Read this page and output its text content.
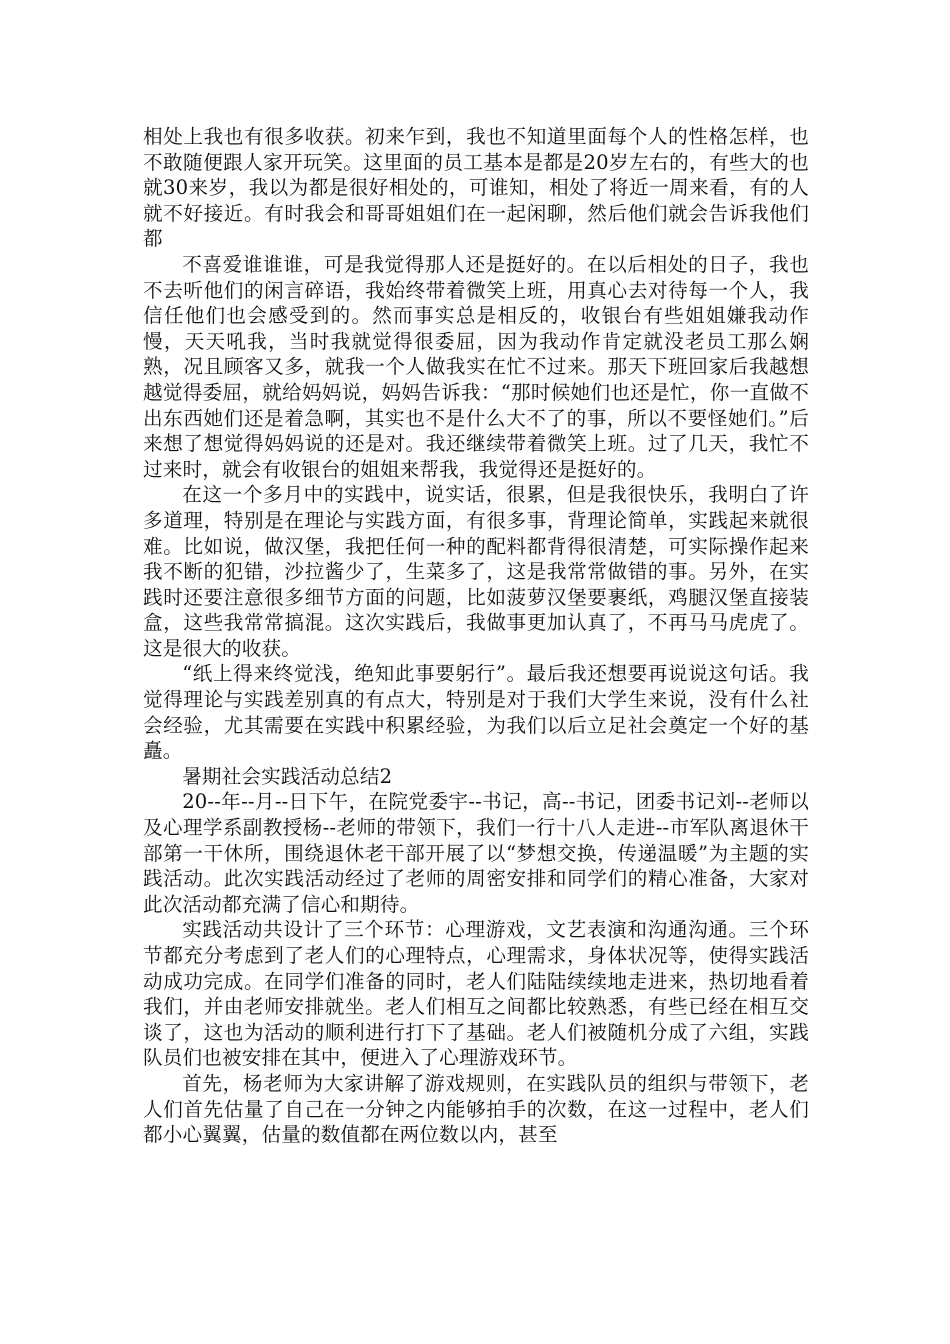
相处上我也有很多收获。初来乍到，我也不知道里面每个人的性格怎样，也不敢随便跟人家开玩笑。这里面的员工基本是都是20岁左右的，有些大的也就30来岁，我以为都是很好相处的，可谁知，相处了将近一周来看，有的人就不好接近。有时我会和哥哥姐姐们在一起闲聊，然后他们就会告诉我他们都

不喜爱谁谁谁，可是我觉得那人还是挺好的。在以后相处的日子，我也不去听他们的闲言碎语，我始终带着微笑上班，用真心去对待每一个人，我信任他们也会感受到的。然而事实总是相反的，收银台有些姐姐嫌我动作慢，天天吼我，当时我就觉得很委屈，因为我动作肯定就没老员工那么娴熟，况且顾客又多，就我一个人做我实在忙不过来。那天下班回家后我越想越觉得委屈，就给妈妈说，妈妈告诉我：“那时候她们也还是忙，你一直做不出东西她们还是着急啊，其实也不是什么大不了的事，所以不要怪她们。”后来想了想觉得妈妈说的还是对。我还继续带着微笑上班。过了几天，我忙不过来时，就会有收银台的姐姐来帮我，我觉得还是挺好的。

在这一个多月中的实践中，说实话，很累，但是我很快乐，我明白了许多道理，特别是在理论与实践方面，有很多事，背理论简单，实践起来就很难。比如说，做汉堡，我把任何一种的配料都背得很清楚，可实际操作起来我不断的犯错，沙拉酱少了，生菜多了，这是我常常做错的事。另外，在实践时还要注意很多细节方面的问题，比如菠萝汉堡要裹纸，鸡腿汉堡直接装盒，这些我常常搞混。这次实践后，我做事更加认真了，不再马马虎虎了。这是很大的收获。

“纸上得来终觉浅，绝知此事要躬行”。最后我还想要再说说这句话。我觉得理论与实践差别真的有点大，特别是对于我们大学生来说，没有什么社会经验，尤其需要在实践中积累经验，为我们以后立足社会奠定一个好的基矗。

暑期社会实践活动总结2

20--年--月--日下午，在院党委宇--书记，高--书记，团委书记刘--老师以及心理学系副教授杨--老师的带领下，我们一行十八人走进--市军队离退休干部第一干休所，围绕退休老干部开展了以“梦想交换，传递温暖”为主题的实践活动。此次实践活动经过了老师的周密安排和同学们的精心准备，大家对此次活动都充满了信心和期待。

实践活动共设计了三个环节：心理游戏，文艺表演和沟通沟通。三个环节都充分考虑到了老人们的心理特点，心理需求，身体状况等，使得实践活动成功完成。在同学们准备的同时，老人们陆陆续续地走进来，热切地看着我们，并由老师安排就坐。老人们相互之间都比较熟悉，有些已经在相互交谈了，这也为活动的顺利进行打下了基础。老人们被随机分成了六组，实践队员们也被安排在其中，便进入了心理游戏环节。

首先，杨老师为大家讲解了游戏规则，在实践队员的组织与带领下，老人们首先估量了自己在一分钟之内能够拍手的次数，在这一过程中，老人们都小心翼翼，估量的数值都在两位数以内，甚至
